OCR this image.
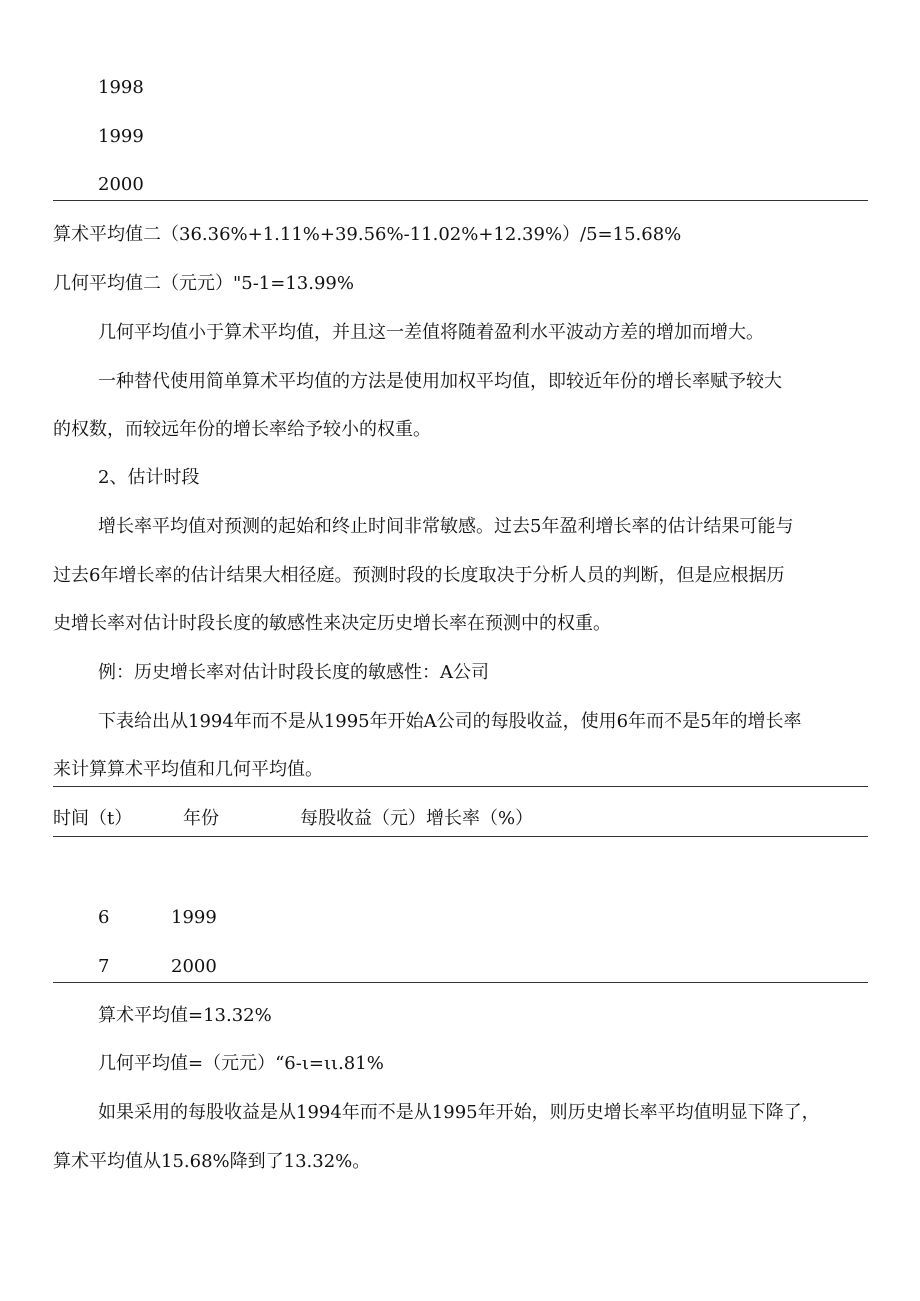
1998
1999
2000
算术平均值二（36.36%+1.11%+39.56%-11.02%+12.39%）/5=15.68%
几何平均值二（元元）"5-1=13.99%
几何平均值小于算术平均值，并且这一差值将随着盈利水平波动方差的增加而增大。
一种替代使用简单算术平均值的方法是使用加权平均值，即较近年份的增长率赋予较大
的权数，而较远年份的增长率给予较小的权重。
2、估计时段
增长率平均值对预测的起始和终止时间非常敏感。过去5年盈利增长率的估计结果可能与
过去6年增长率的估计结果大相径庭。预测时段的长度取决于分析人员的判断，但是应根据历
史增长率对估计时段长度的敏感性来决定历史增长率在预测中的权重。
例：历史增长率对估计时段长度的敏感性：A公司
下表给出从1994年而不是从1995年开始A公司的每股收益，使用6年而不是5年的增长率
来计算算术平均值和几何平均值。
时间（t）	年份	每股收益（元）增长率（%）
6	1999
7	2000
算术平均值=13.32%
几何平均值=（元元）“6-ι=ιι.81%
如果采用的每股收益是从1994年而不是从1995年开始，则历史增长率平均值明显下降了，
算术平均值从15.68%降到了13.32%。
